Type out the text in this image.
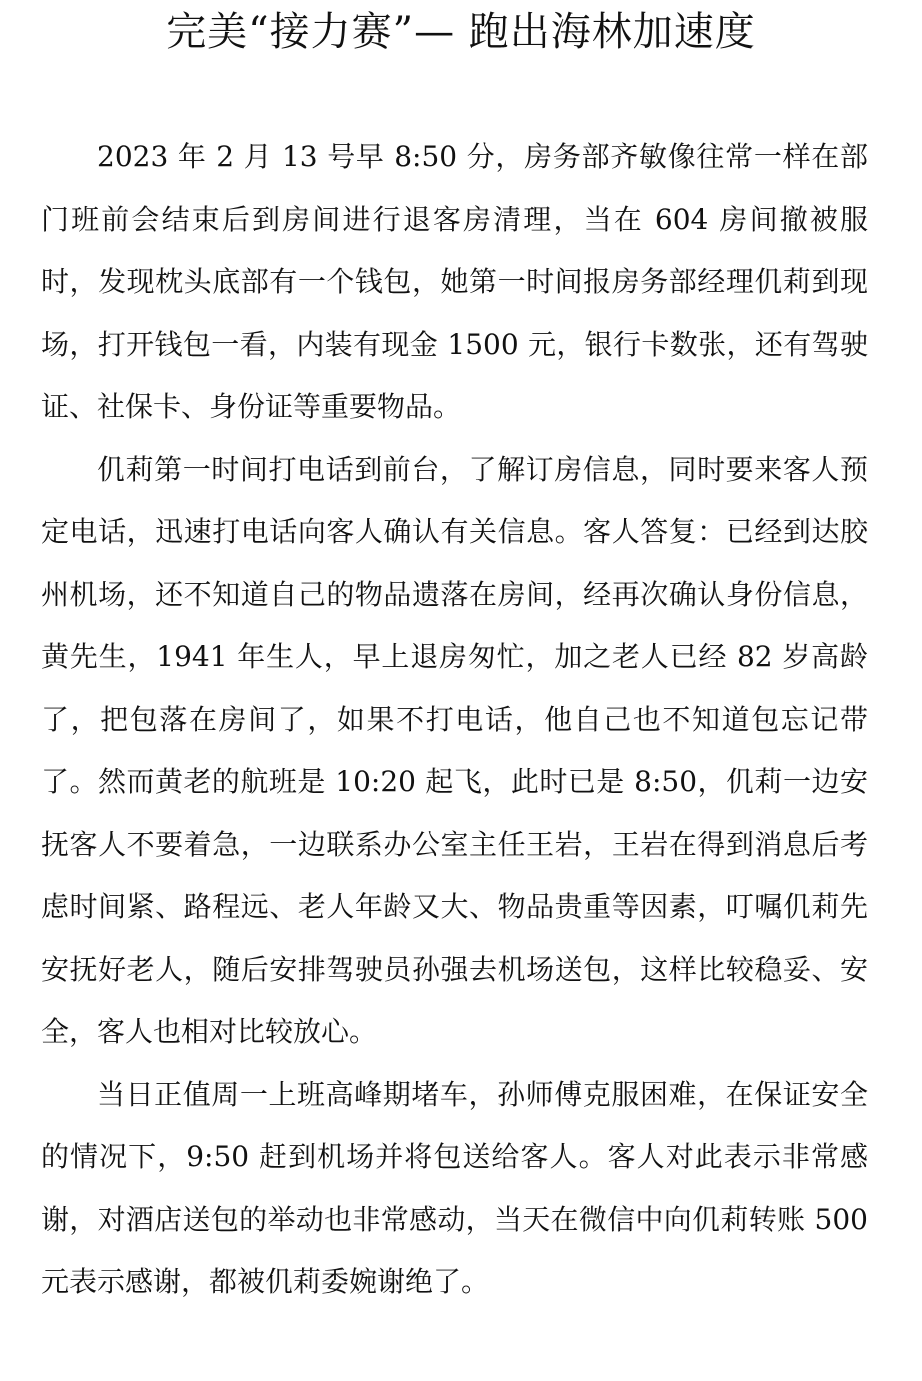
完美“接力赛”— 跑出海林加速度

2023 年 2 月 13 号早 8:50 分，房务部齐敏像往常一样在部门班前会结束后到房间进行退客房清理，当在 604 房间撤被服时，发现枕头底部有一个钱包，她第一时间报房务部经理仉莉到现场，打开钱包一看，内装有现金 1500 元，银行卡数张，还有驾驶证、社保卡、身份证等重要物品。

仉莉第一时间打电话到前台，了解订房信息，同时要来客人预定电话，迅速打电话向客人确认有关信息。客人答复：已经到达胶州机场，还不知道自己的物品遗落在房间，经再次确认身份信息，黄先生，1941 年生人，早上退房匆忙，加之老人已经 82 岁高龄了，把包落在房间了，如果不打电话，他自己也不知道包忘记带了。然而黄老的航班是 10:20 起飞，此时已是 8:50，仉莉一边安抚客人不要着急，一边联系办公室主任王岩，王岩在得到消息后考虑时间紧、路程远、老人年龄又大、物品贵重等因素，叮嘱仉莉先安抚好老人，随后安排驾驶员孙强去机场送包，这样比较稳妥、安全，客人也相对比较放心。

当日正值周一上班高峰期堵车，孙师傅克服困难，在保证安全的情况下，9:50 赶到机场并将包送给客人。客人对此表示非常感谢，对酒店送包的举动也非常感动，当天在微信中向仉莉转账 500 元表示感谢，都被仉莉委婉谢绝了。
